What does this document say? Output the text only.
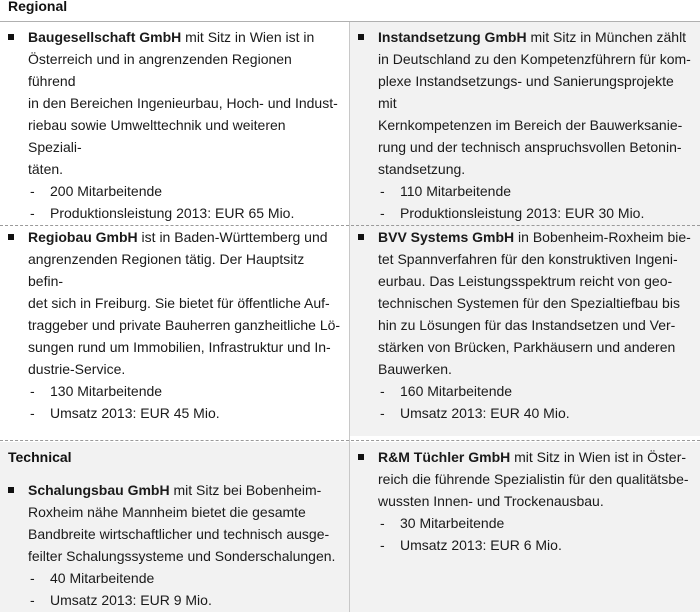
Regional
Technical
Baugesellschaft GmbH mit Sitz in Wien ist in
Österreich und in angrenzenden Regionen führend
in den Bereichen Ingenieurbau, Hoch- und Indust-
riebau sowie Umwelttechnik und weiteren Speziali-
täten.
- 200 Mitarbeitende
- Produktionsleistung 2013: EUR 65 Mio.
Instandsetzung GmbH mit Sitz in München zählt
in Deutschland zu den Kompetenzführern für kom-
plexe Instandsetzungs- und Sanierungsprojekte mit
Kernkompetenzen im Bereich der Bauwerksanie-
rung und der technisch anspruchsvollen Betonin-
standsetzung.
- 110 Mitarbeitende
- Produktionsleistung 2013: EUR 30 Mio.
Regiobau GmbH ist in Baden-Württemberg und
angrenzenden Regionen tätig. Der Hauptsitz befin-
det sich in Freiburg. Sie bietet für öffentliche Auf-
traggeber und private Bauherren ganzheitliche Lö-
sungen rund um Immobilien, Infrastruktur und In-
dustrie-Service.
- 130 Mitarbeitende
- Umsatz 2013: EUR 45 Mio.
BVV Systems GmbH in Bobenheim-Roxheim bie-
tet Spannverfahren für den konstruktiven Ingeni-
eurbau. Das Leistungsspektrum reicht von geo-
technischen Systemen für den Spezialtiefbau bis
hin zu Lösungen für das Instandsetzen und Ver-
stärken von Brücken, Parkhäusern und anderen
Bauwerken.
- 160 Mitarbeitende
- Umsatz 2013: EUR 40 Mio.
Schalungsbau GmbH mit Sitz bei Bobenheim-
Roxheim nähe Mannheim bietet die gesamte
Bandbreite wirtschaftlicher und technisch ausge-
feilter Schalungssysteme und Sonderschalungen.
- 40 Mitarbeitende
- Umsatz 2013: EUR 9 Mio.
R&M Tüchler GmbH mit Sitz in Wien ist in Öster-
reich die führende Spezialistin für den qualitätsbe-
wussten Innen- und Trockenausbau.
- 30 Mitarbeitende
- Umsatz 2013: EUR 6 Mio.
